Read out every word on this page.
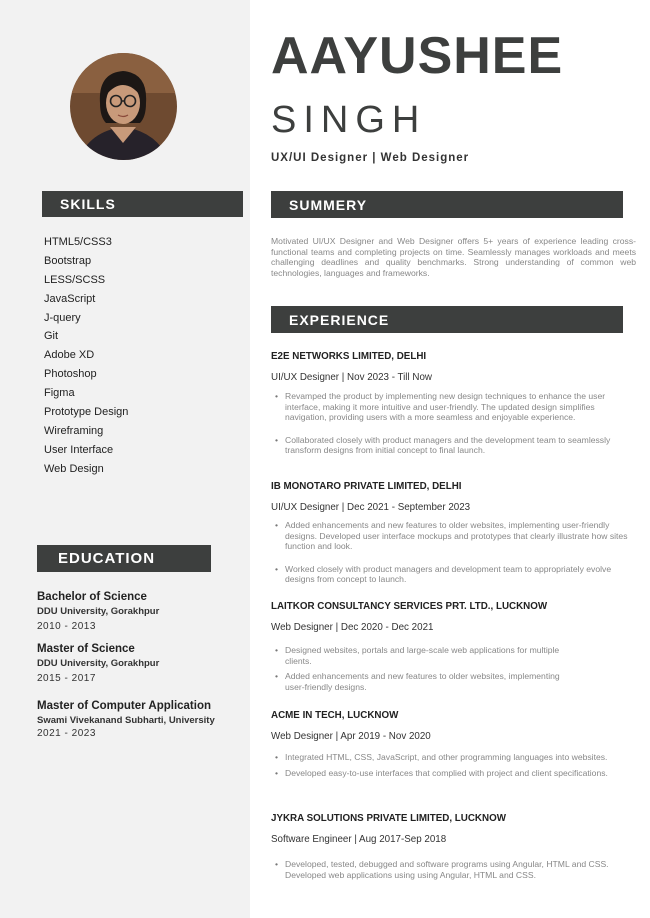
SKILLS
HTML5/CSS3
Bootstrap
LESS/SCSS
JavaScript
J-query
Git
Adobe XD
Photoshop
Figma
Prototype Design
Wireframing
User Interface
Web Design
EDUCATION
Bachelor of Science
DDU University, Gorakhpur
2010 - 2013
Master of Science
DDU University, Gorakhpur
2015 - 2017
Master of Computer Application
Swami Vivekanand Subharti, University
2021 - 2023
AAYUSHEE
SINGH
UX/UI Designer | Web Designer
SUMMERY
Motivated UI/UX Designer and Web Designer offers 5+ years of experience leading cross-functional teams and completing projects on time. Seamlessly manages workloads and meets challenging deadlines and quality benchmarks. Strong understanding of common web technologies, languages and frameworks.
EXPERIENCE
E2E NETWORKS LIMITED, DELHI
UI/UX Designer | Nov 2023 - Till Now
• Revamped the product by implementing new design techniques to enhance the user interface, making it more intuitive and user-friendly. The updated design simplifies navigation, providing users with a more seamless and enjoyable experience.
• Collaborated closely with product managers and the development team to seamlessly transform designs from initial concept to final launch.
IB MONOTARO PRIVATE LIMITED, DELHI
UI/UX Designer | Dec 2021 - September 2023
• Added enhancements and new features to older websites, implementing user-friendly designs. Developed user interface mockups and prototypes that clearly illustrate how sites function and look.
• Worked closely with product managers and development team to appropriately evolve designs from concept to launch.
LAITKOR CONSULTANCY SERVICES PRT. LTD., LUCKNOW
Web Designer | Dec 2020 - Dec 2021
• Designed websites, portals and large-scale web applications for multiple clients.
• Added enhancements and new features to older websites, implementing user-friendly designs.
ACME IN TECH, LUCKNOW
Web Designer | Apr 2019 - Nov 2020
• Integrated HTML, CSS, JavaScript, and other programming languages into websites.
• Developed easy-to-use interfaces that complied with project and client specifications.
JYKRA SOLUTIONS PRIVATE LIMITED, LUCKNOW
Software Engineer | Aug 2017-Sep 2018
• Developed, tested, debugged and software programs using Angular, HTML and CSS. Developed web applications using using Angular, HTML and CSS.
